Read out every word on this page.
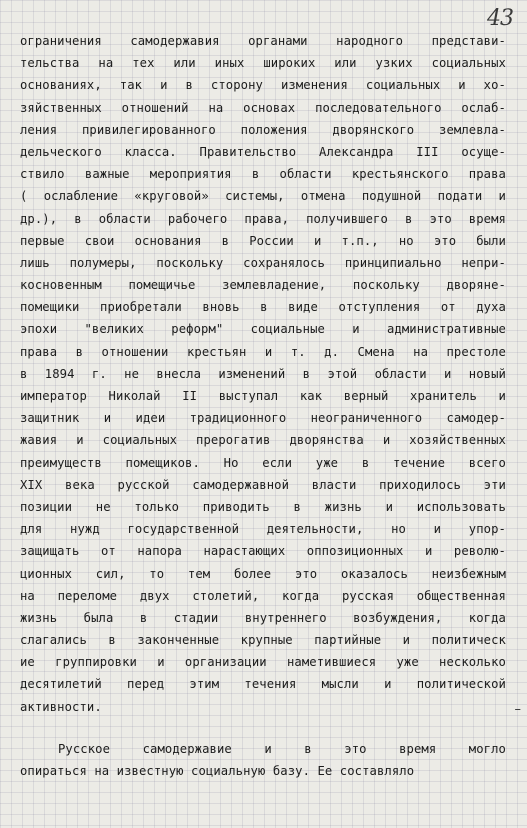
43
ограничения самодержавия органами народного представи-
тельства на тех или иных широких или узких социальных
основаниях, так и в сторону изменения социальных и хо-
зяйственных отношений на основах последовательного ослаб-
ления привилегированного положения дворянского землевла-
дельческого класса. Правительство Александра III осуще-
ствило важные мероприятия в области крестьянского права
( ослабление «круговой» системы, отмена подушной подати и
др.), в области рабочего права, получившего в это время
первые свои основания в России и т.п., но это были
лишь полумеры, поскольку сохранялось принципиально непри-
косновенным помещичье землевладение, поскольку дворяне-
помещики приобретали вновь в виде отступления от духа
эпохи "великих реформ" социальные и административные
права в отношении крестьян и т. д. Смена на престоле
в 1894 г. не внесла изменений в этой области и новый
император Николай II выступал как верный хранитель и
защитник и идеи традиционного неограниченного самодер-
жавия и социальных прерогатив дворянства и хозяйственных
преимуществ помещиков. Но если уже в течение всего
XIX века русской самодержавной власти приходилось эти
позиции не только приводить в жизнь и использовать
для нужд государственной деятельности, но и упор-
защищать от напора нарастающих оппозиционных и револю-
ционных сил, то тем более это оказалось неизбежным
на переломе двух столетий, когда русская общественная
жизнь была в стадии внутреннего возбуждения, когда
слагались в законченные крупные партийные и политическ
ие группировки и организации наметившиеся уже несколько
десятилетий перед этим течения мысли и политической
активности.
Русское самодержавие и в это время могло
опираться на известную социальную базу. Ее составляло
–
